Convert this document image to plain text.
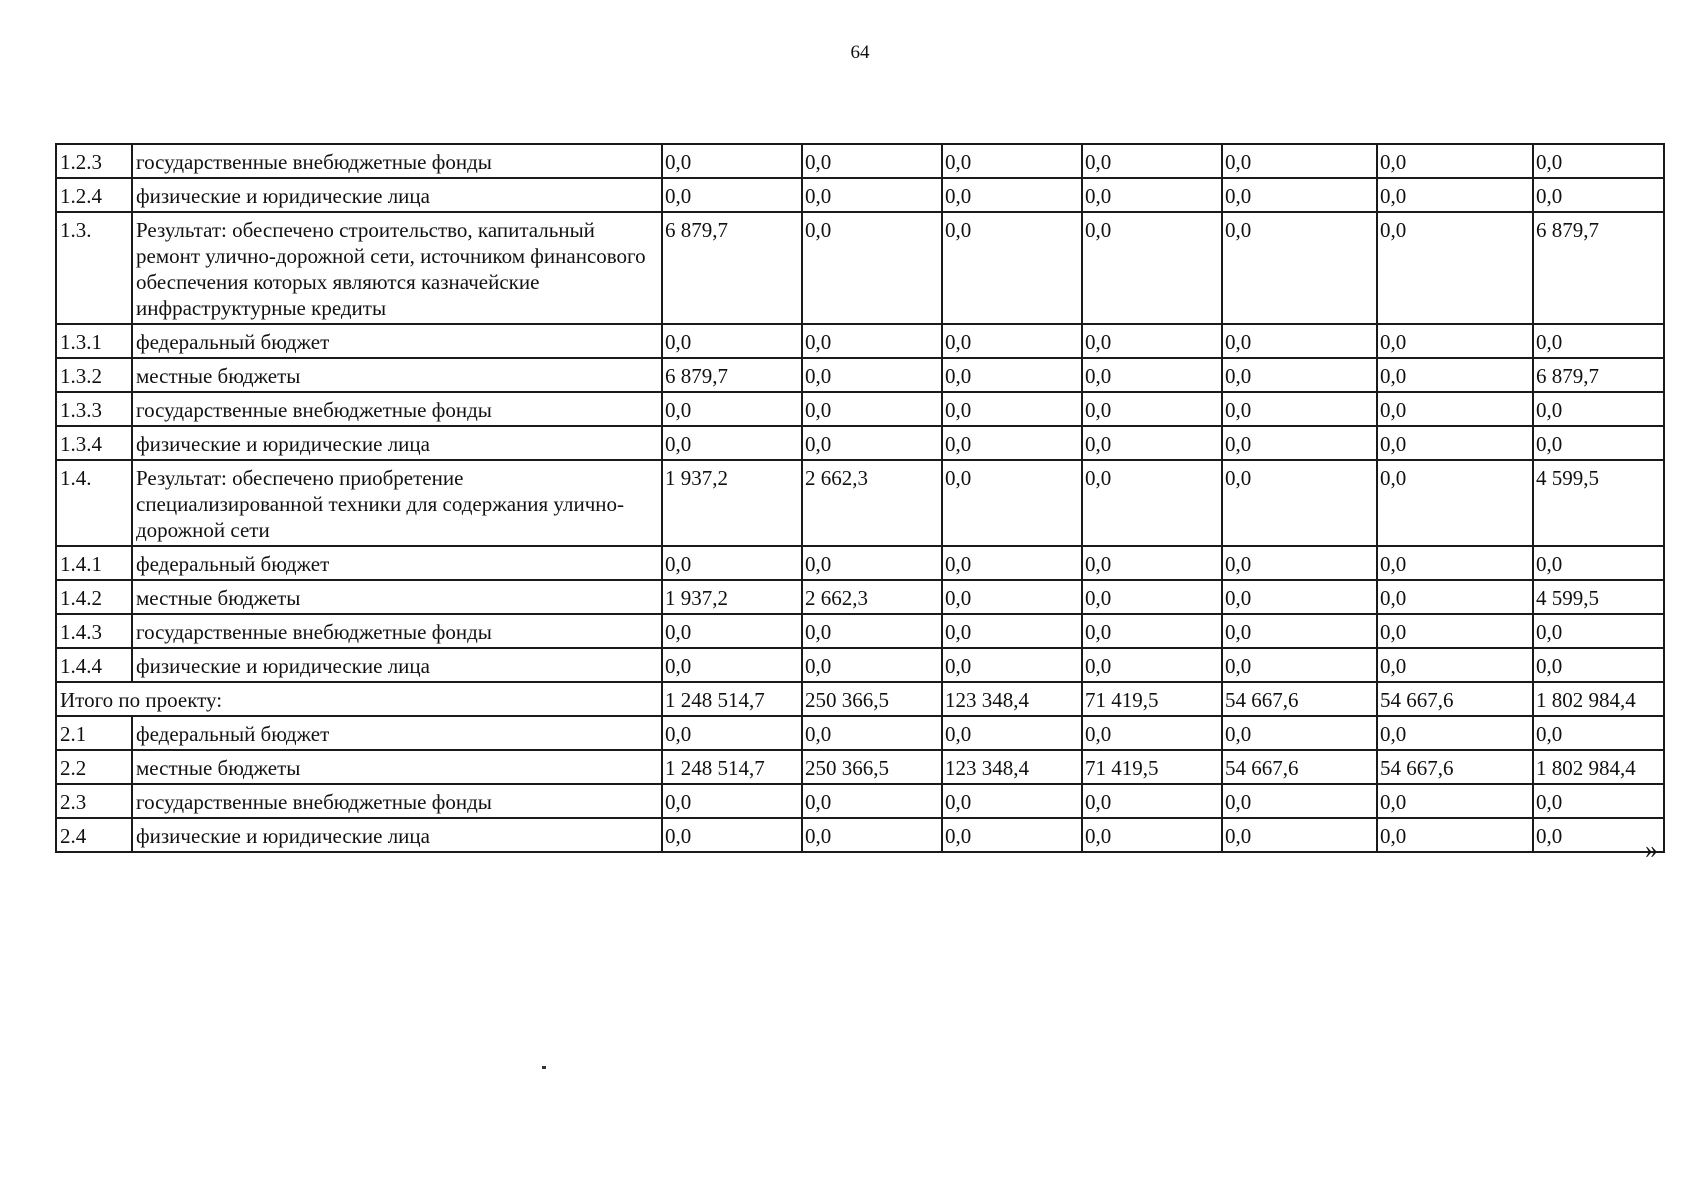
64
1.2.3	государственные внебюджетные фонды	0,0	0,0	0,0	0,0	0,0	0,0	0,0
1.2.4	физические и юридические лица	0,0	0,0	0,0	0,0	0,0	0,0	0,0
1.3.	Результат: обеспечено строительство, капитальный ремонт улично-дорожной сети, источником финансового обеспечения которых являются казначейские инфраструктурные кредиты	6 879,7	0,0	0,0	0,0	0,0	0,0	6 879,7
1.3.1	федеральный бюджет	0,0	0,0	0,0	0,0	0,0	0,0	0,0
1.3.2	местные бюджеты	6 879,7	0,0	0,0	0,0	0,0	0,0	6 879,7
1.3.3	государственные внебюджетные фонды	0,0	0,0	0,0	0,0	0,0	0,0	0,0
1.3.4	физические и юридические лица	0,0	0,0	0,0	0,0	0,0	0,0	0,0
1.4.	Результат: обеспечено приобретение специализированной техники для содержания улично-дорожной сети	1 937,2	2 662,3	0,0	0,0	0,0	0,0	4 599,5
1.4.1	федеральный бюджет	0,0	0,0	0,0	0,0	0,0	0,0	0,0
1.4.2	местные бюджеты	1 937,2	2 662,3	0,0	0,0	0,0	0,0	4 599,5
1.4.3	государственные внебюджетные фонды	0,0	0,0	0,0	0,0	0,0	0,0	0,0
1.4.4	физические и юридические лица	0,0	0,0	0,0	0,0	0,0	0,0	0,0
Итого по проекту:		1 248 514,7	250 366,5	123 348,4	71 419,5	54 667,6	54 667,6	1 802 984,4
2.1	федеральный бюджет	0,0	0,0	0,0	0,0	0,0	0,0	0,0
2.2	местные бюджеты	1 248 514,7	250 366,5	123 348,4	71 419,5	54 667,6	54 667,6	1 802 984,4
2.3	государственные внебюджетные фонды	0,0	0,0	0,0	0,0	0,0	0,0	0,0
2.4	физические и юридические лица	0,0	0,0	0,0	0,0	0,0	0,0	0,0	»
